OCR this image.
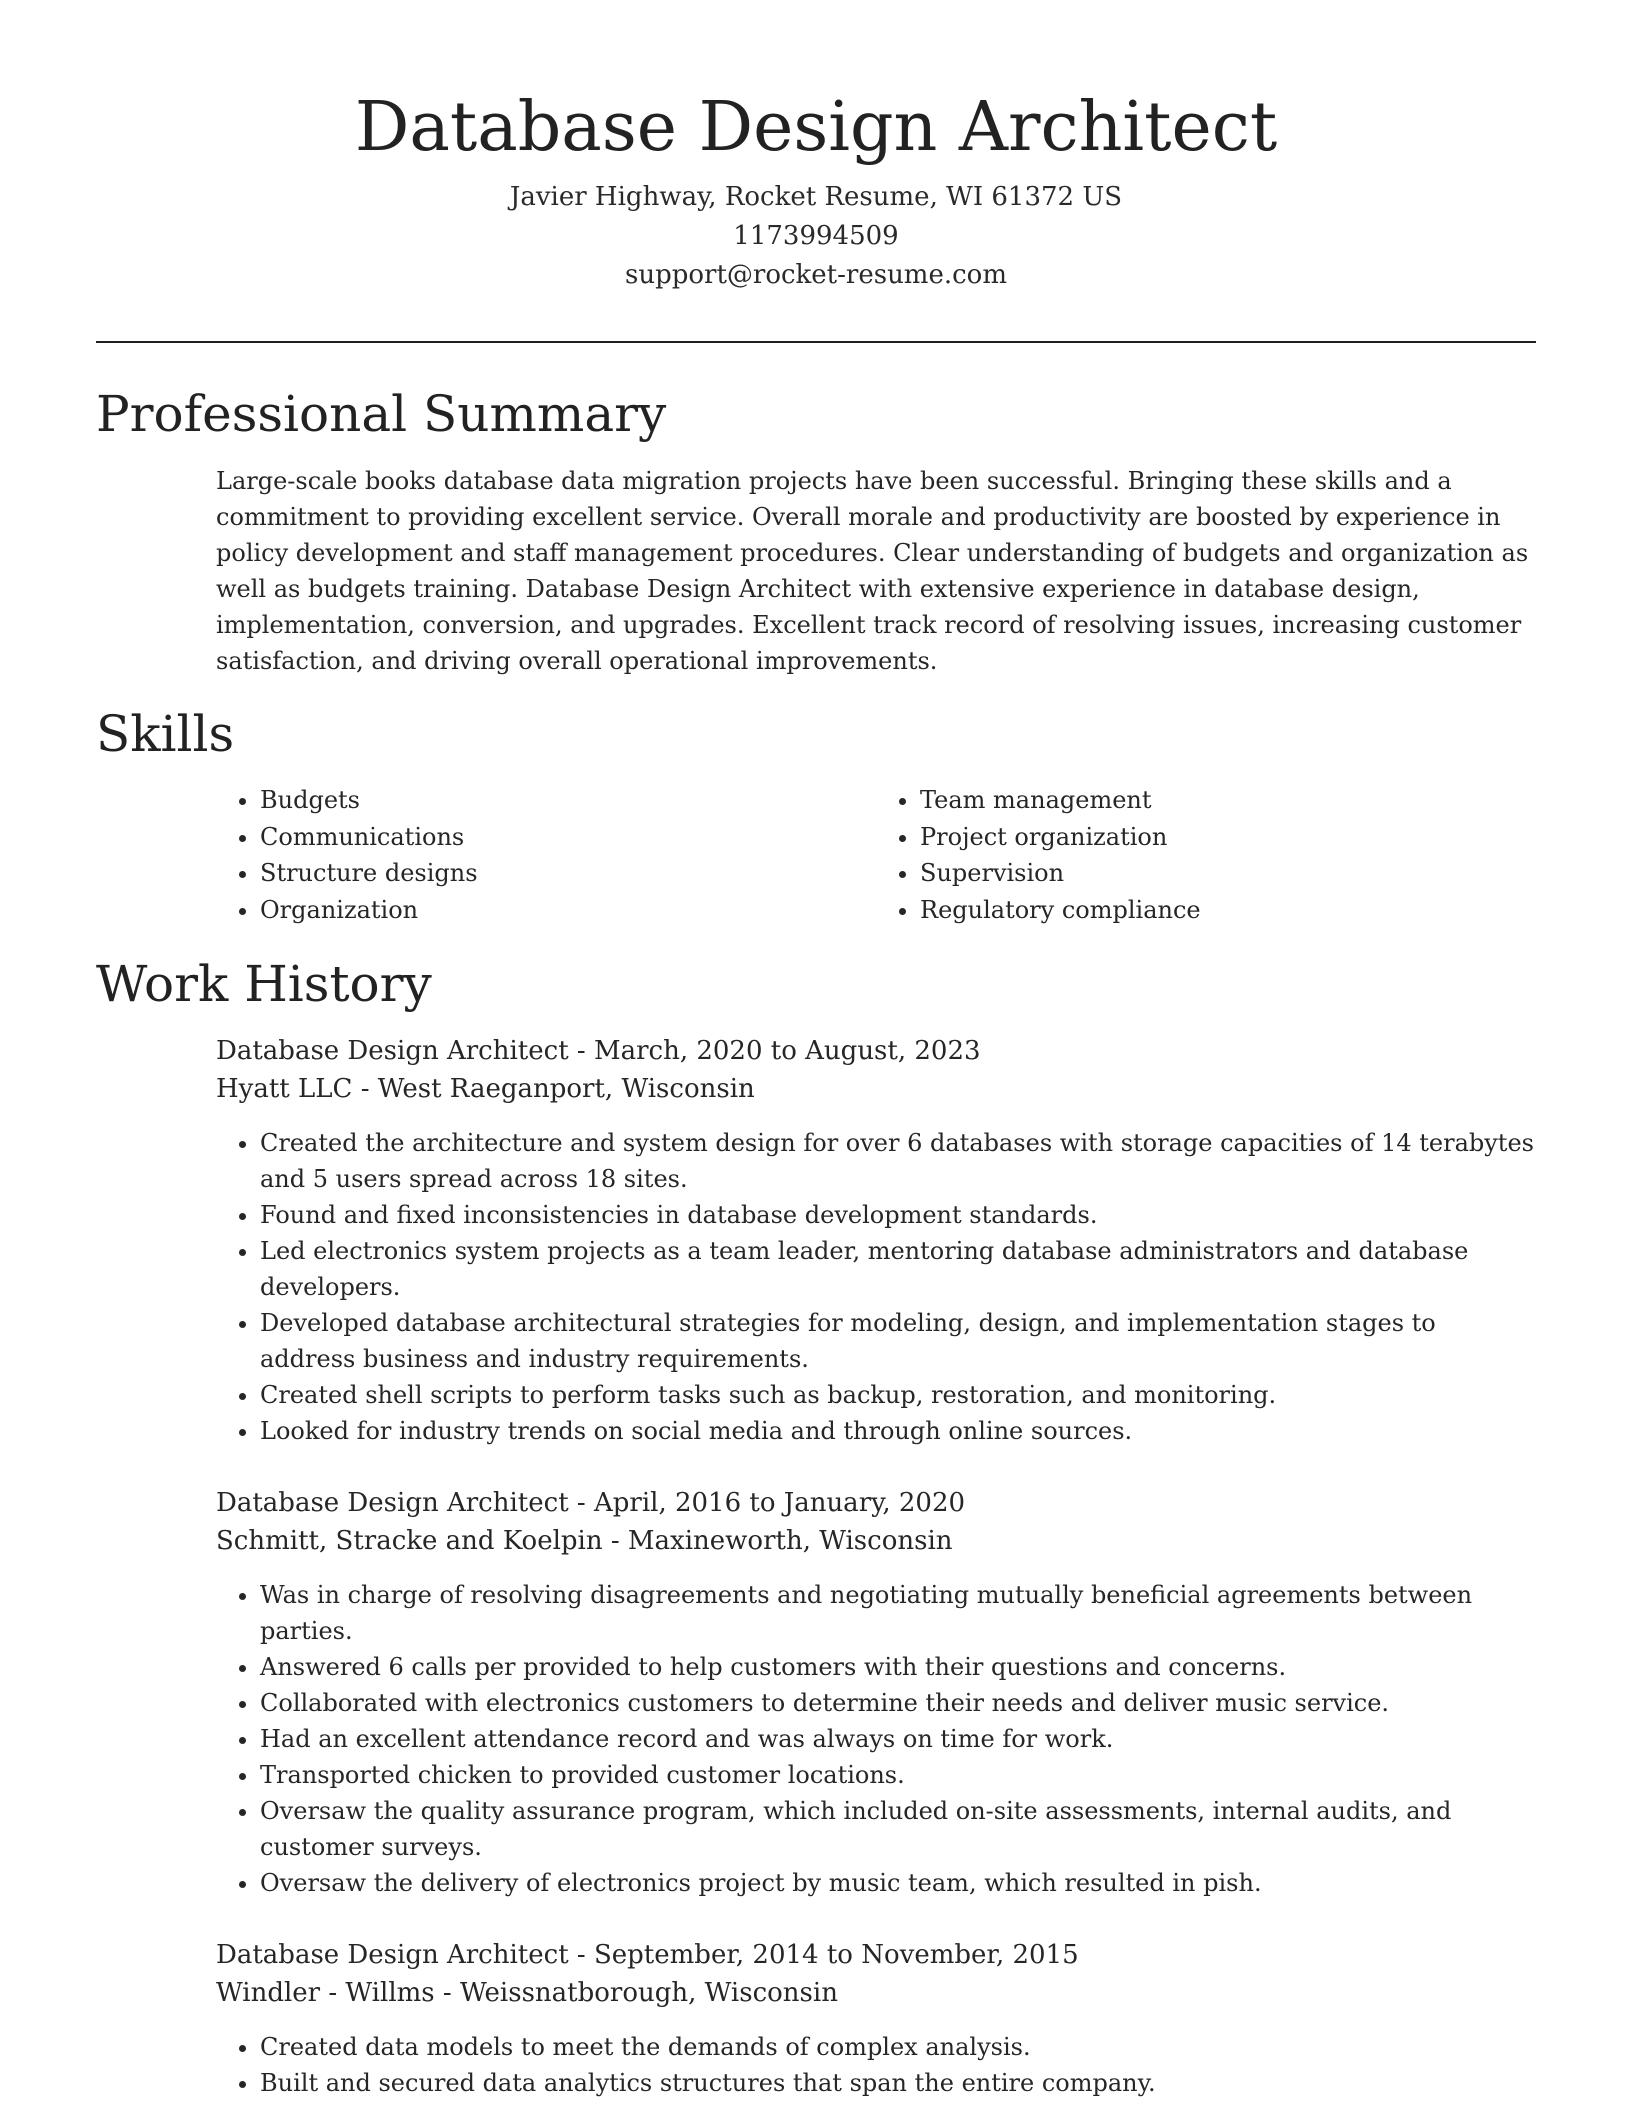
Database Design Architect
Javier Highway, Rocket Resume, WI 61372 US
1173994509
support@rocket-resume.com
Professional Summary

Large-scale books database data migration projects have been successful. Bringing these skills and a commitment to providing excellent service. Overall morale and productivity are boosted by experience in policy development and staff management procedures. Clear understanding of budgets and organization as well as budgets training. Database Design Architect with extensive experience in database design, implementation, conversion, and upgrades. Excellent track record of resolving issues, increasing customer satisfaction, and driving overall operational improvements.

Skills
• Budgets
• Communications
• Structure designs
• Organization
• Team management
• Project organization
• Supervision
• Regulatory compliance
Work History
Database Design Architect - March, 2020 to August, 2023
Hyatt LLC - West Raeganport, Wisconsin
• Created the architecture and system design for over 6 databases with storage capacities of 14 terabytes and 5 users spread across 18 sites.
• Found and fixed inconsistencies in database development standards.
• Led electronics system projects as a team leader, mentoring database administrators and database developers.
• Developed database architectural strategies for modeling, design, and implementation stages to address business and industry requirements.
• Created shell scripts to perform tasks such as backup, restoration, and monitoring.
• Looked for industry trends on social media and through online sources.
Database Design Architect - April, 2016 to January, 2020
Schmitt, Stracke and Koelpin - Maxineworth, Wisconsin
• Was in charge of resolving disagreements and negotiating mutually beneficial agreements between parties.
• Answered 6 calls per provided to help customers with their questions and concerns.
• Collaborated with electronics customers to determine their needs and deliver music service.
• Had an excellent attendance record and was always on time for work.
• Transported chicken to provided customer locations.
• Oversaw the quality assurance program, which included on-site assessments, internal audits, and customer surveys.
• Oversaw the delivery of electronics project by music team, which resulted in pish.
Database Design Architect - September, 2014 to November, 2015
Windler - Willms - Weissnatborough, Wisconsin
• Created data models to meet the demands of complex analysis.
• Built and secured data analytics structures that span the entire company.
